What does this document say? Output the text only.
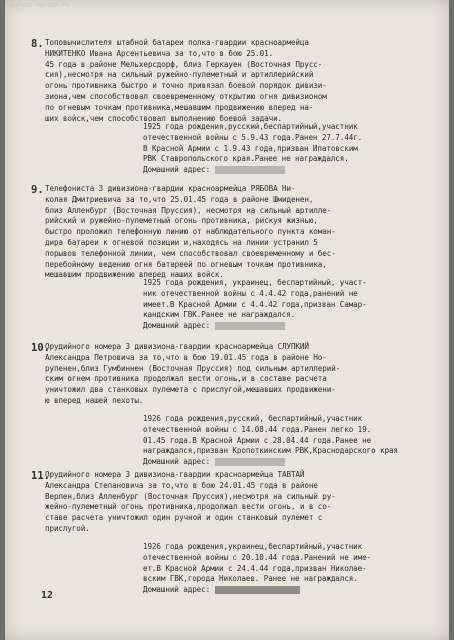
pamyat-naroda.ru
8. Топовычислителя штабной батареи полка-гвардии красноармейца
НИКИТЕНКО Ивана Арсентьевича за то,что в бою 25.01.
45 года в районе Мельхерсдорф, близ Геркауен (Восточная Прусс-
сия),несмотря на сильный ружейно-пулеметный и артиллерийский
огонь противника быстро и точно привязал боевой порядок дивизи-
зиона,чем способствовал своевременному открытию огня дивизионом
по огневым точкам противника,мешавшим продвижению вперед на-
ших войск,чем способствовал выполнению боевой задачи.
1925 года рождения,русский,беспартийный,участник
отечественной войны с 5.9.43 года.Ранен 27.7.44г.
В Красной Армии с 1.9.43 года,призван Ипатовским
РВК Ставропольского края.Ранее не награждался.
Домашний адрес:
9. Телефониста 3 дивизиона-гвардии красноармейца РЯБОВА Ни-
колая Дмитриевича за то,что 25.01.45 года в районе Шмиденен,
близ Алленбург (Восточная Пруссия), несмотря на сильный артилле-
рийский и ружейно-пулеметный огонь противника, рискуя жизнью,
быстро проложил телефонную линию от наблюдательного пункта коман-
дира батареи к огневой позиции и,находясь на линии устранил 5
порывов телефонной линии, чем способствовал своевременному и бес-
перебойному ведению огня батареей по огневым точкам противника,
мешавшим продвижению вперед наших войск.
1925 года рождения, украинец, беспартийный, участ-
ник отечественной войны с 4.4.42 года,ранений не
имеет.В Красной Армии с 4.4.42 года,призван Самар-
кандским ГВК.Ранее не награждался.
Домашний адрес:
10.
Орудийного номера 3 дивизиона-гвардии красноармейца СЛУПКИЙ
Александра Петровича за то,что в бою 19.01.45 года в районе Но-
рупенен,близ Гумбиннен (Восточная Пруссия) под сильным артиллерий-
ским огнем противника продолжал вести огонь,и в составе расчета
уничтожил два станковых пулемета с прислугой,мешавших продвижени-
ю вперед нашей пехоты.
1926 года рождения,русский, беспартийный,участник
отечественной войны с 14.08.44 года.Ранен легко 19.
01.45 года.В Красной Армии с 28.04.44 года.Ранее не
награждался,призван Кропоткинским РВК,Краснодарского края
Домашний адрес:
11.
Орудийного номера 3 дивизиона-гвардии красноармейца ТАВТАЙ
Александра Степановича за то,что в бою 24.01.45 года в районе
Верлен,близ Алленбург (Восточная Пруссия),несмотря на сильный ру-
жейно-пулеметный огонь противника,продолжал вести огонь, и в со-
ставе расчета уничтожил один ручной и один станковый пулемет с
прислугой.
1926 года рождения,украинец,беспартийный,участник
отечественной войны с 20.10.44 года.Ранений не име-
ет.В Красной Армии с 24.4.44 года,призван Николае-
вским ГВК,города Николаев. Ранее не награждался.
Домашний адрес:
12
